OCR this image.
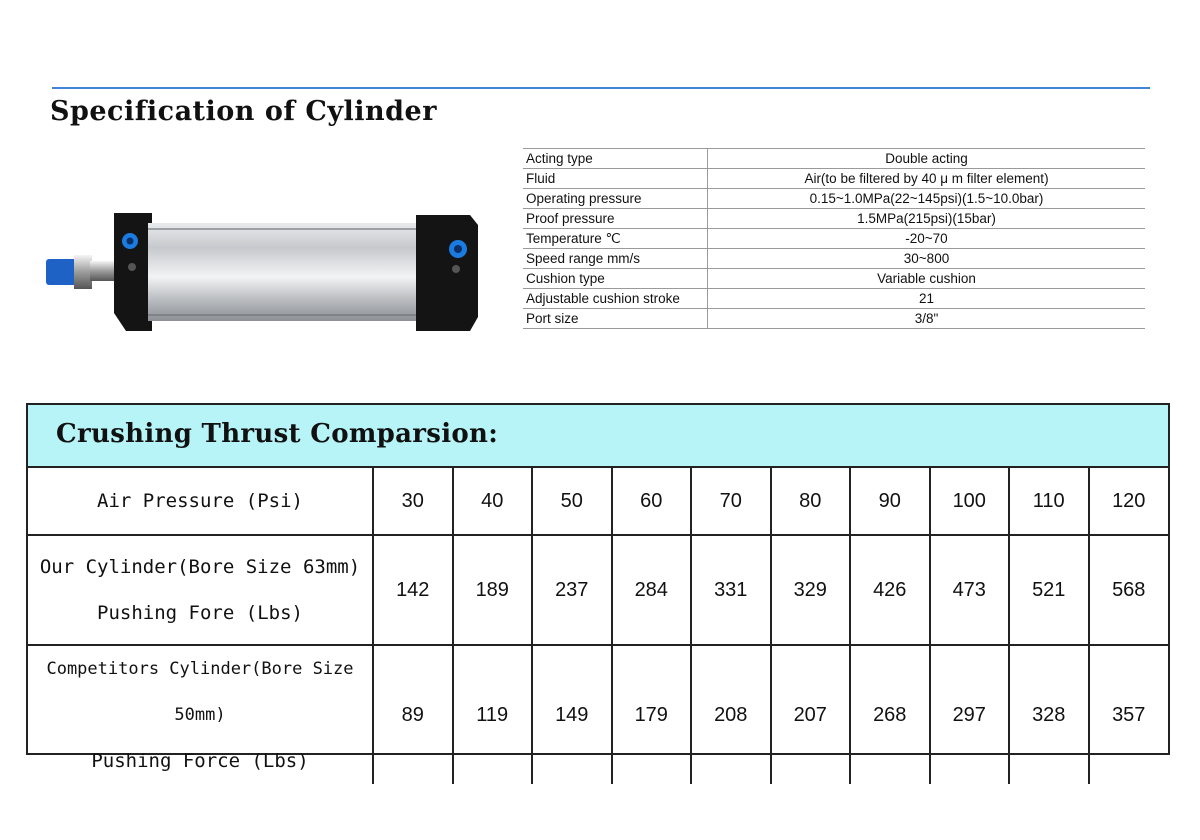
Specification of Cylinder
Acting type	Double acting
Fluid	Air(to be filtered by 40 μ m filter element)
Operating pressure	0.15~1.0MPa(22~145psi)(1.5~10.0bar)
Proof pressure	1.5MPa(215psi)(15bar)
Temperature ℃	-20~70
Speed range mm/s	30~800
Cushion type	Variable cushion
Adjustable cushion stroke	21
Port size	3/8"
Crushing Thrust Comparsion:
Air Pressure (Psi)	30	40	50	60	70	80	90	100	110	120

Our Cylinder(Bore Size 63mm)
Pushing Fore (Lbs)	142	189	237	284	331	329	426	473	521	568

Competitors Cylinder(Bore Size 50mm)
Pushing Force (Lbs)	89	119	149	179	208	207	268	297	328	357
